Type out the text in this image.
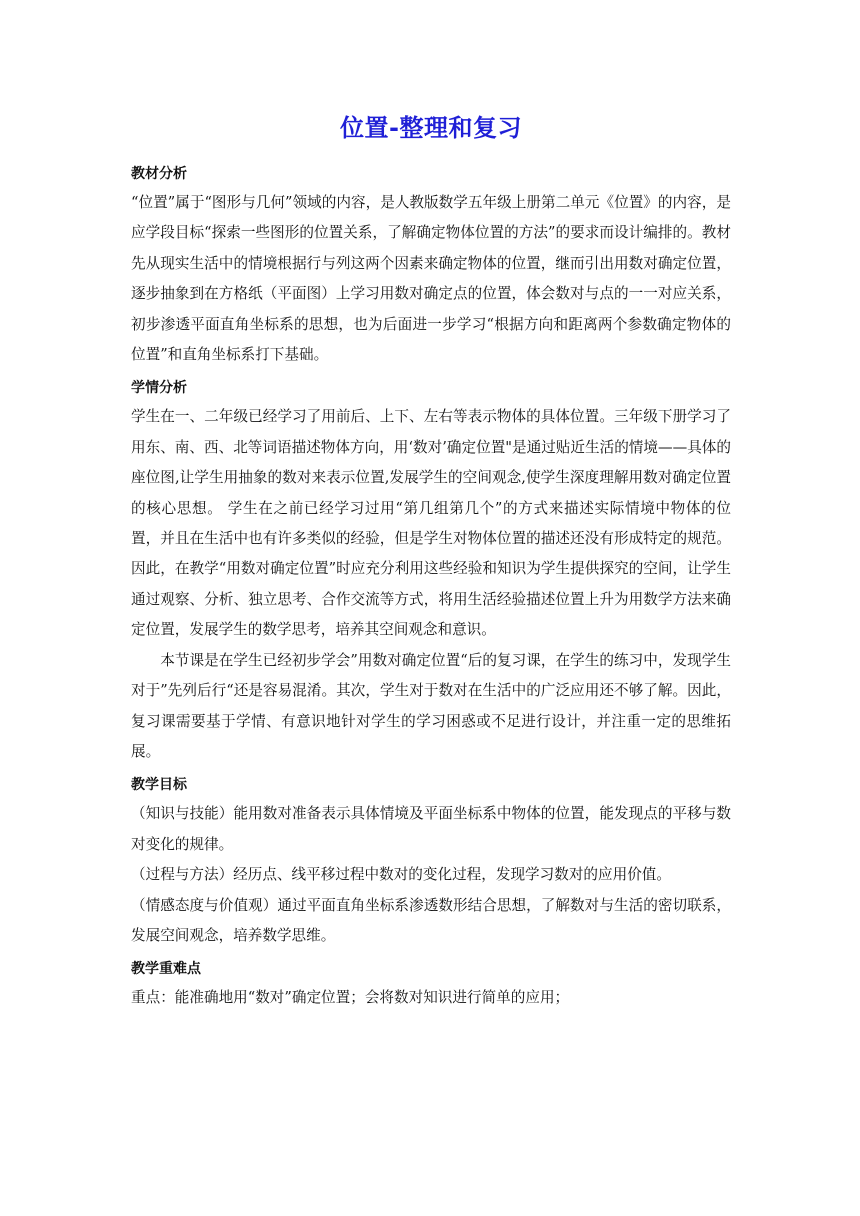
位置-整理和复习

教材分析

“位置”属于“图形与几何”领域的内容，是人教版数学五年级上册第二单元《位置》的内容，是应学段目标“探索一些图形的位置关系，了解确定物体位置的方法”的要求而设计编排的。教材先从现实生活中的情境根据行与列这两个因素来确定物体的位置，继而引出用数对确定位置，逐步抽象到在方格纸（平面图）上学习用数对确定点的位置，体会数对与点的一一对应关系，初步渗透平面直角坐标系的思想，也为后面进一步学习“根据方向和距离两个参数确定物体的位置”和直角坐标系打下基础。

学情分析

学生在一、二年级已经学习了用前后、上下、左右等表示物体的具体位置。三年级下册学习了用东、南、西、北等词语描述物体方向，用‘数对’确定位置"是通过贴近生活的情境——具体的座位图,让学生用抽象的数对来表示位置,发展学生的空间观念,使学生深度理解用数对确定位置的核心思想。 学生在之前已经学习过用“第几组第几个”的方式来描述实际情境中物体的位置，并且在生活中也有许多类似的经验，但是学生对物体位置的描述还没有形成特定的规范。因此，在教学“用数对确定位置”时应充分利用这些经验和知识为学生提供探究的空间，让学生通过观察、分析、独立思考、合作交流等方式，将用生活经验描述位置上升为用数学方法来确定位置，发展学生的数学思考，培养其空间观念和意识。

本节课是在学生已经初步学会”用数对确定位置“后的复习课，在学生的练习中，发现学生对于”先列后行“还是容易混淆。其次，学生对于数对在生活中的广泛应用还不够了解。因此，复习课需要基于学情、有意识地针对学生的学习困惑或不足进行设计，并注重一定的思维拓展。

教学目标

（知识与技能）能用数对准备表示具体情境及平面坐标系中物体的位置，能发现点的平移与数对变化的规律。

（过程与方法）经历点、线平移过程中数对的变化过程，发现学习数对的应用价值。

（情感态度与价值观）通过平面直角坐标系渗透数形结合思想，了解数对与生活的密切联系，发展空间观念，培养数学思维。

教学重难点

重点：能准确地用“数对”确定位置；会将数对知识进行简单的应用；
